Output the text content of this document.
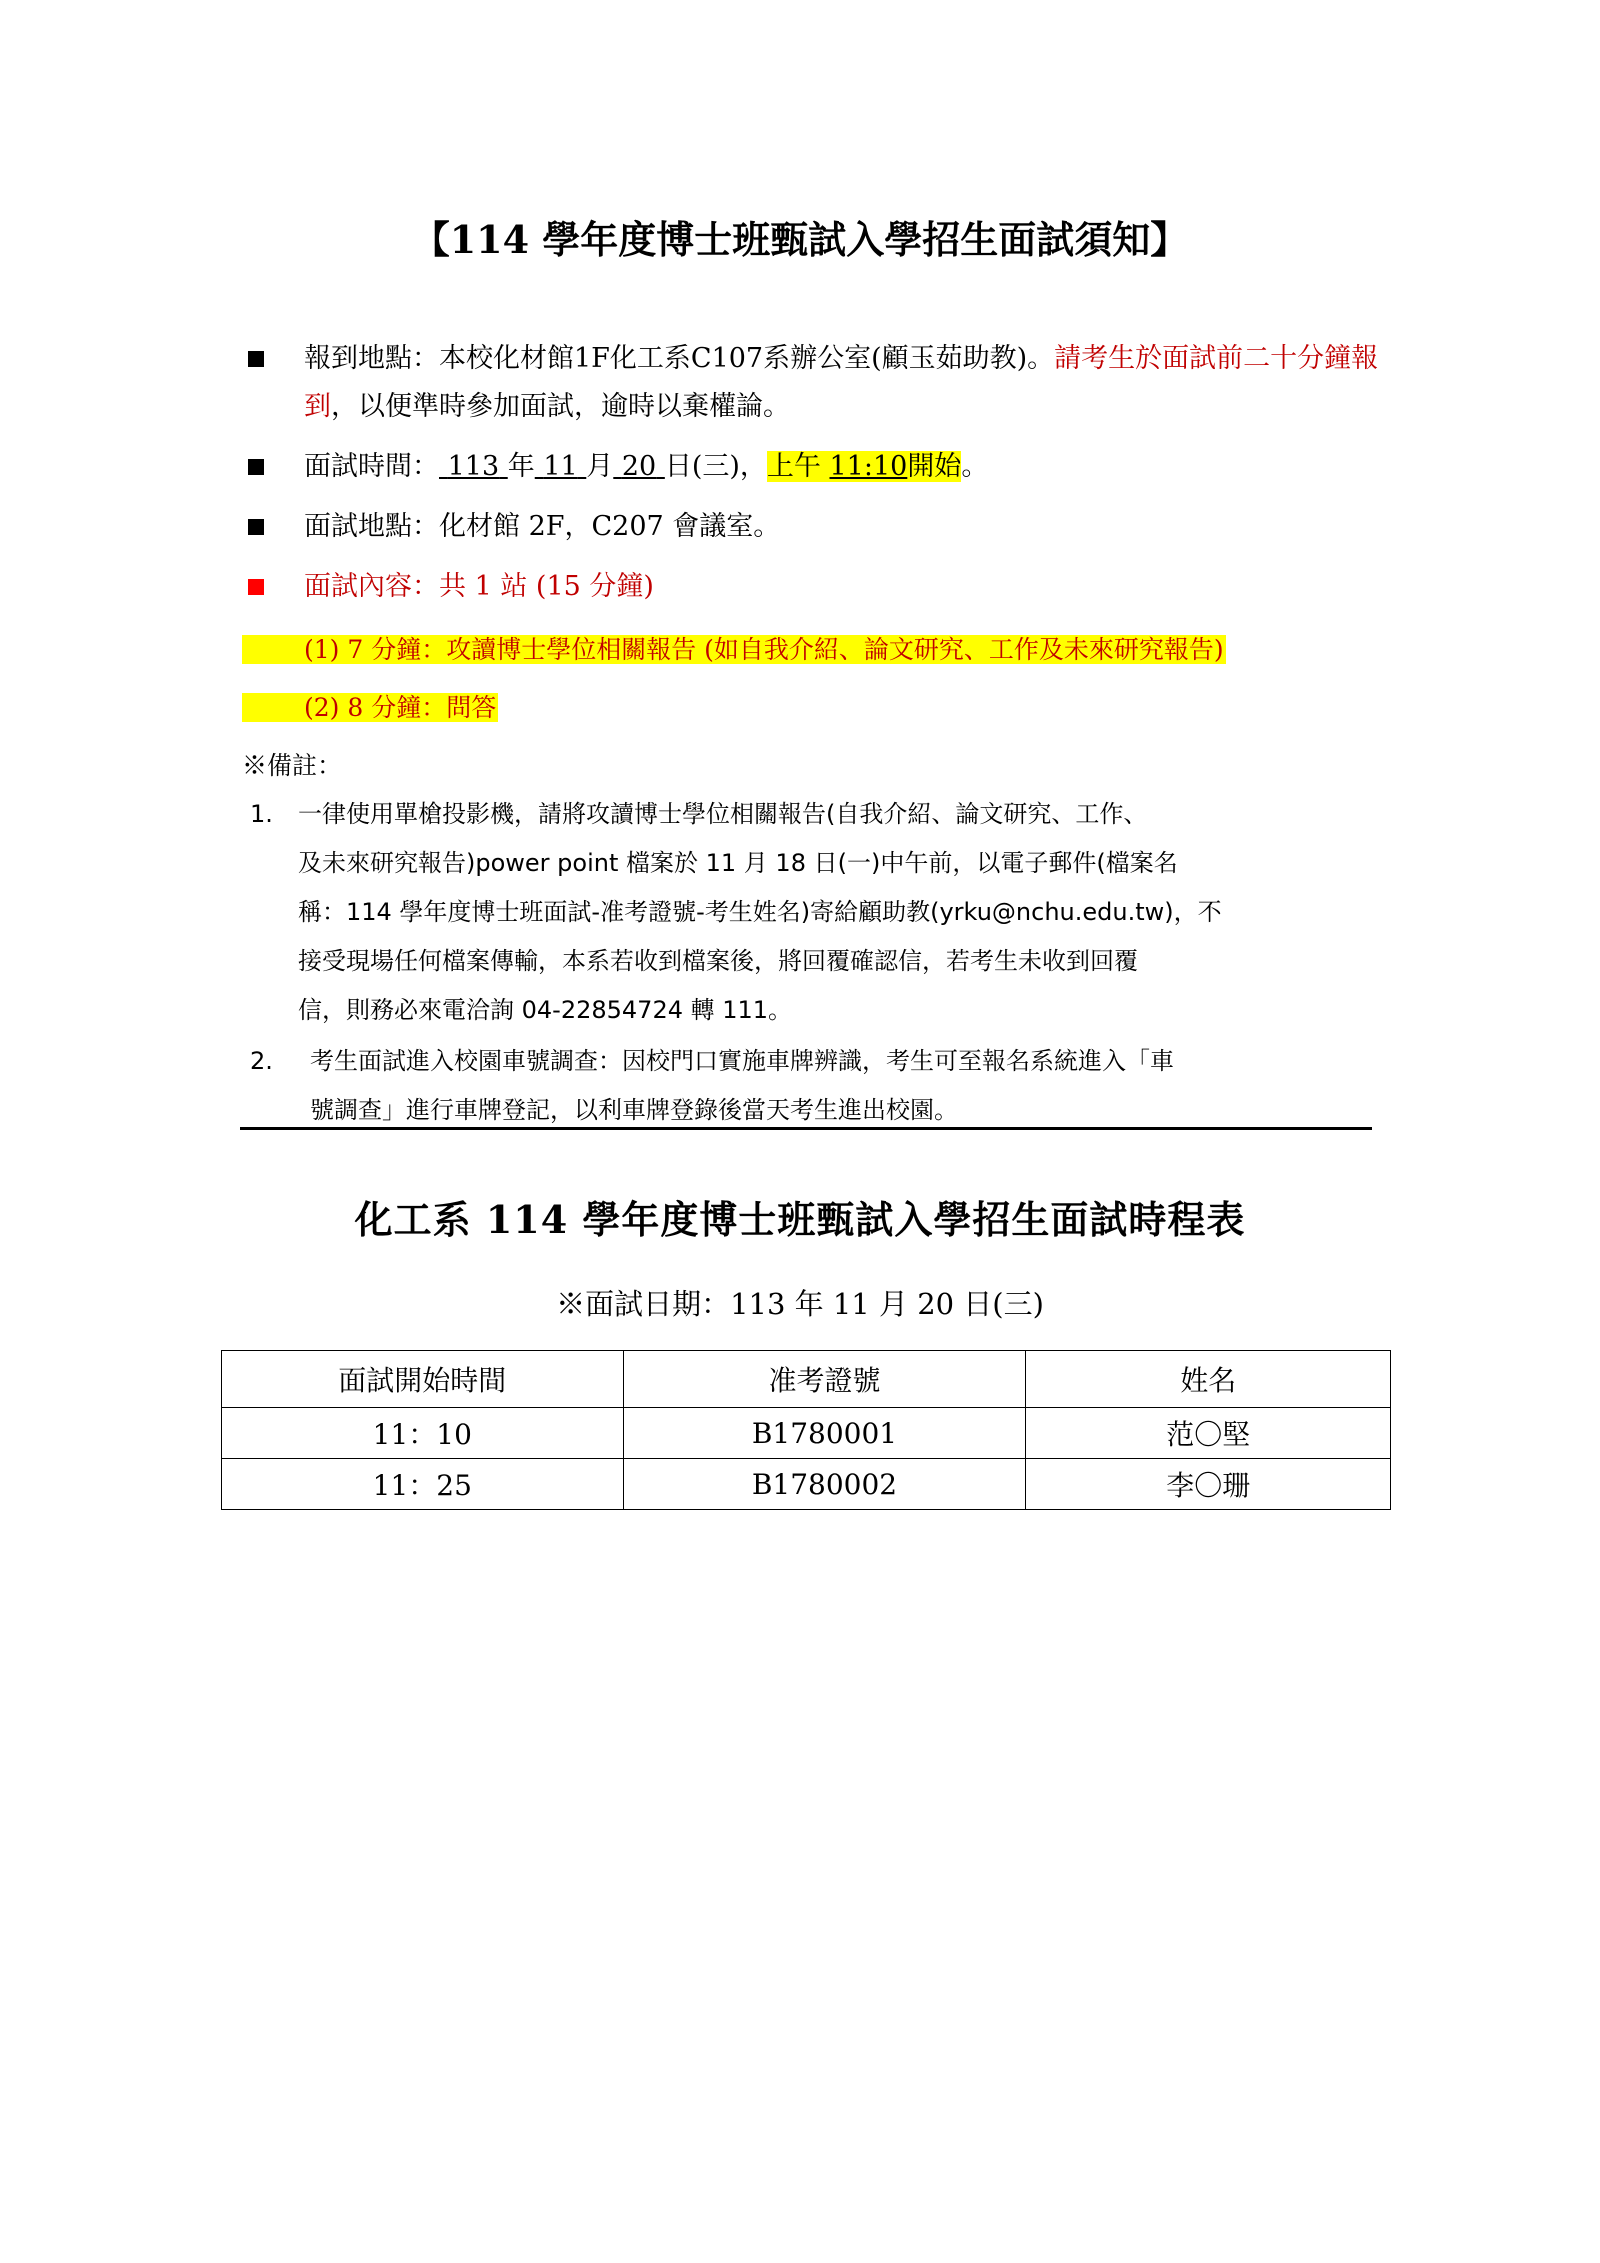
【114 學年度博士班甄試入學招生面試須知】
報到地點：本校化材館1F化工系C107系辦公室(顧玉茹助教)。請考生於面試前二十分鐘報到，以便準時參加面試，逾時以棄權論。
面試時間： 113 年 11 月 20 日(三)，上午 11:10開始。
面試地點：化材館 2F，C207 會議室。
面試內容：共 1 站 (15 分鐘)
(1) 7 分鐘：攻讀博士學位相關報告 (如自我介紹、論文研究、工作及未來研究報告)
(2) 8 分鐘：問答
※備註：
1. 一律使用單槍投影機，請將攻讀博士學位相關報告(自我介紹、論文研究、工作、
及未來研究報告)power point 檔案於 11 月 18 日(一)中午前，以電子郵件(檔案名
稱：114 學年度博士班面試-准考證號-考生姓名)寄給顧助教(yrku@nchu.edu.tw)，不
接受現場任何檔案傳輸，本系若收到檔案後，將回覆確認信，若考生未收到回覆
信，則務必來電洽詢 04-22854724 轉 111。
2. 考生面試進入校園車號調查：因校門口實施車牌辨識，考生可至報名系統進入「車
號調查」進行車牌登記，以利車牌登錄後當天考生進出校園。
化工系 114 學年度博士班甄試入學招生面試時程表
※面試日期：113 年 11 月 20 日(三)
面試開始時間	准考證號	姓名
11：10	B1780001	范〇堅
11：25	B1780002	李〇珊
